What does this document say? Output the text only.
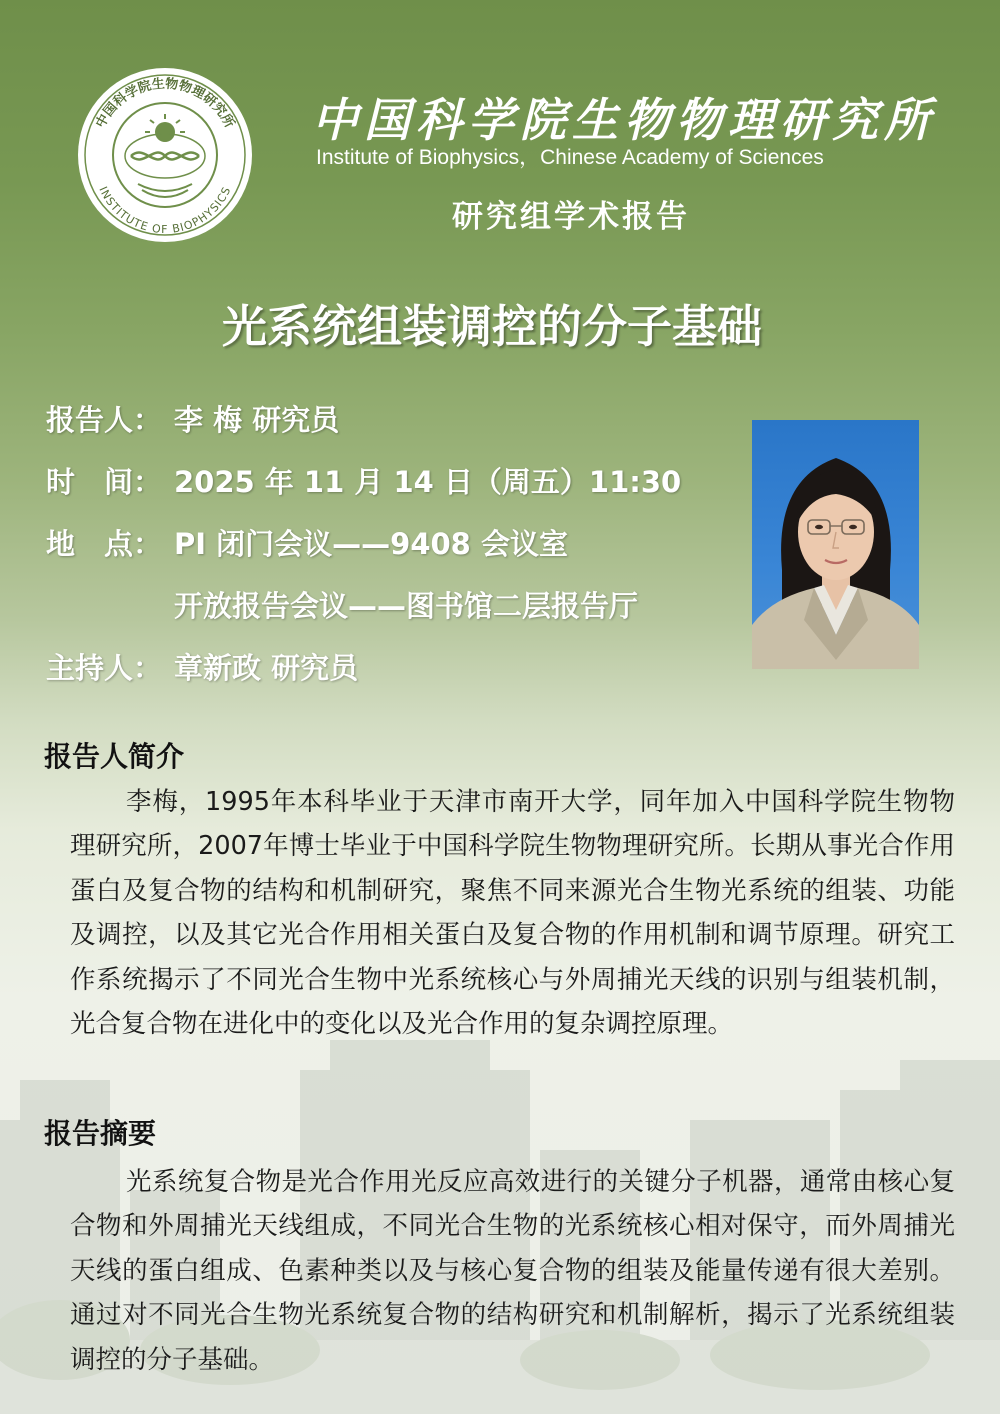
中国科学院生物物理研究所
INSTITUTE OF BIOPHYSICS
中国科学院生物物理研究所
Institute of Biophysics，Chinese Academy of Sciences
研究组学术报告
光系统组装调控的分子基础
报告人： 李 梅 研究员
时　间： 2025 年 11 月 14 日（周五）11:30
地　点： PI 闭门会议——9408 会议室
开放报告会议——图书馆二层报告厅
主持人： 章新政 研究员
报告人简介

李梅，1995年本科毕业于天津市南开大学，同年加入中国科学院生物物理研究所，2007年博士毕业于中国科学院生物物理研究所。长期从事光合作用蛋白及复合物的结构和机制研究，聚焦不同来源光合生物光系统的组装、功能及调控，以及其它光合作用相关蛋白及复合物的作用机制和调节原理。研究工作系统揭示了不同光合生物中光系统核心与外周捕光天线的识别与组装机制，光合复合物在进化中的变化以及光合作用的复杂调控原理。

报告摘要

光系统复合物是光合作用光反应高效进行的关键分子机器，通常由核心复合物和外周捕光天线组成，不同光合生物的光系统核心相对保守，而外周捕光天线的蛋白组成、色素种类以及与核心复合物的组装及能量传递有很大差别。通过对不同光合生物光系统复合物的结构研究和机制解析，揭示了光系统组装调控的分子基础。
